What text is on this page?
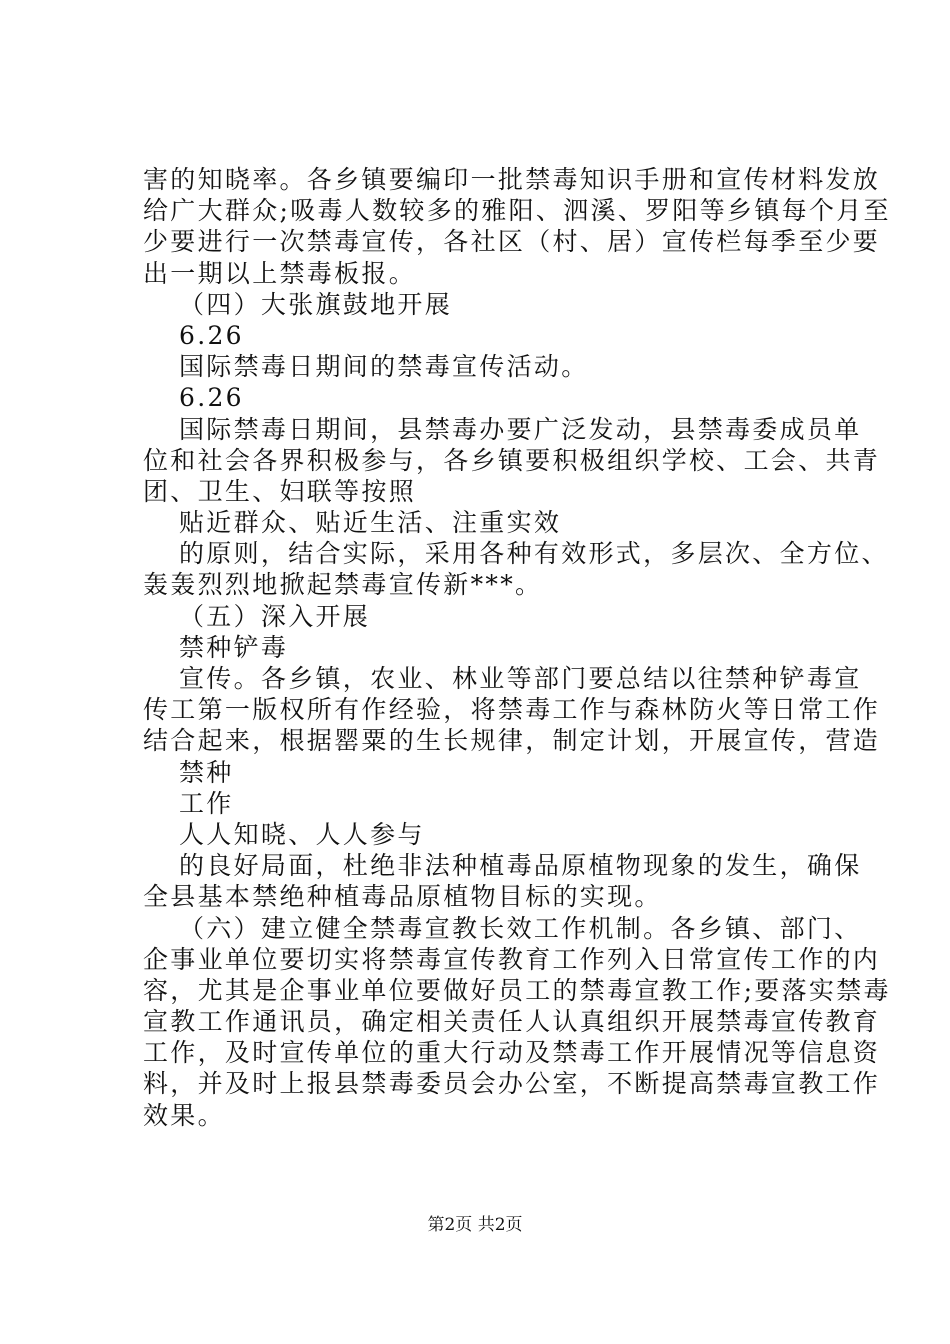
害的知晓率。各乡镇要编印一批禁毒知识手册和宣传材料发放
给广大群众;吸毒人数较多的雅阳、泗溪、罗阳等乡镇每个月至
少要进行一次禁毒宣传，各社区（村、居）宣传栏每季至少要
出一期以上禁毒板报。
（四）大张旗鼓地开展
6.26
国际禁毒日期间的禁毒宣传活动。
6.26
国际禁毒日期间，县禁毒办要广泛发动，县禁毒委成员单
位和社会各界积极参与，各乡镇要积极组织学校、工会、共青
团、卫生、妇联等按照
贴近群众、贴近生活、注重实效
的原则，结合实际，采用各种有效形式，多层次、全方位、
轰轰烈烈地掀起禁毒宣传新***。
（五）深入开展
禁种铲毒
宣传。各乡镇，农业、林业等部门要总结以往禁种铲毒宣
传工第一版权所有作经验，将禁毒工作与森林防火等日常工作
结合起来，根据罂粟的生长规律，制定计划，开展宣传，营造
禁种
工作
人人知晓、人人参与
的良好局面，杜绝非法种植毒品原植物现象的发生，确保
全县基本禁绝种植毒品原植物目标的实现。
（六）建立健全禁毒宣教长效工作机制。各乡镇、部门、
企事业单位要切实将禁毒宣传教育工作列入日常宣传工作的内
容，尤其是企事业单位要做好员工的禁毒宣教工作;要落实禁毒
宣教工作通讯员，确定相关责任人认真组织开展禁毒宣传教育
工作，及时宣传单位的重大行动及禁毒工作开展情况等信息资
料，并及时上报县禁毒委员会办公室，不断提高禁毒宣教工作
效果。
第2页 共2页
